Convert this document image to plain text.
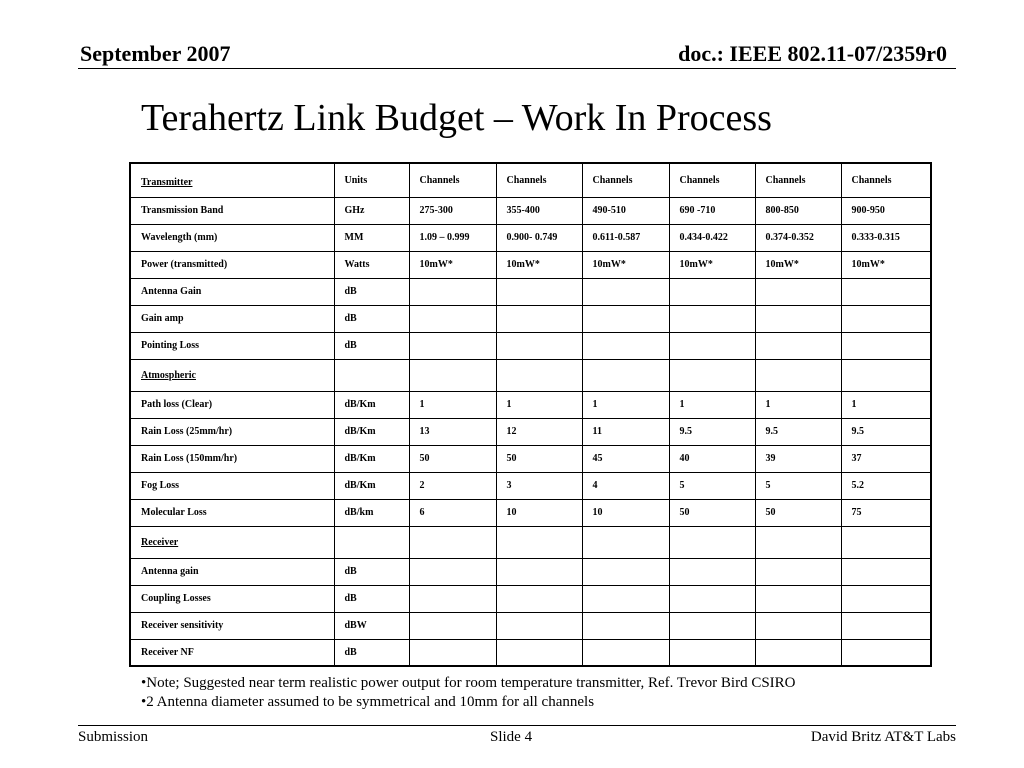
September 2007	doc.: IEEE 802.11-07/2359r0
Terahertz Link Budget – Work In Process
Transmitter	Units	Channels	Channels	Channels	Channels	Channels	Channels
Transmission Band	GHz	275-300	355-400	490-510	690 -710	800-850	900-950
Wavelength (mm)	MM	1.09 – 0.999	0.900- 0.749	0.611-0.587	0.434-0.422	0.374-0.352	0.333-0.315
Power (transmitted)	Watts	10mW*	10mW*	10mW*	10mW*	10mW*	10mW*
Antenna Gain	dB						
Gain amp	dB						
Pointing Loss	dB						
Atmospheric							
Path loss (Clear)	dB/Km	1	1	1	1	1	1
Rain Loss (25mm/hr)	dB/Km	13	12	11	9.5	9.5	9.5
Rain Loss (150mm/hr)	dB/Km	50	50	45	40	39	37
Fog Loss	dB/Km	2	3	4	5	5	5.2
Molecular Loss	dB/km	6	10	10	50	50	75
Receiver							
Antenna gain	dB						
Coupling Losses	dB						
Receiver sensitivity	dBW						
Receiver NF	dB						
•Note; Suggested near term realistic power output for room temperature transmitter, Ref. Trevor Bird CSIRO
•2 Antenna diameter assumed to be symmetrical and 10mm for all channels
Submission	Slide 4	David Britz AT&T Labs
